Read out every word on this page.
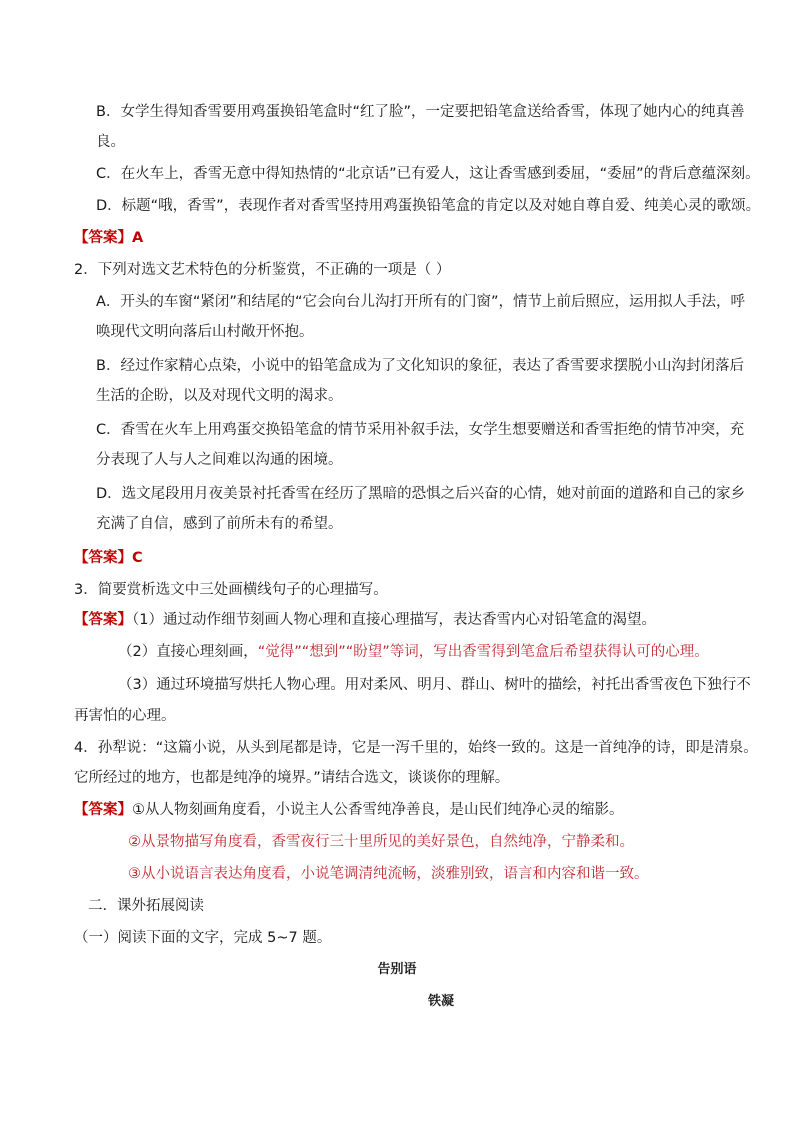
B．女学生得知香雪要用鸡蛋换铅笔盒时“红了脸”，一定要把铅笔盒送给香雪，体现了她内心的纯真善
良。
C．在火车上，香雪无意中得知热情的“北京话”已有爱人，这让香雪感到委屈，“委屈”的背后意蕴深刻。
D．标题“哦，香雪”，表现作者对香雪坚持用鸡蛋换铅笔盒的肯定以及对她自尊自爱、纯美心灵的歌颂。
【答案】A
2．下列对选文艺术特色的分析鉴赏，不正确的一项是（ ）
A．开头的车窗“紧闭”和结尾的“它会向台儿沟打开所有的门窗”，情节上前后照应，运用拟人手法，呼
唤现代文明向落后山村敞开怀抱。
B．经过作家精心点染，小说中的铅笔盒成为了文化知识的象征，表达了香雪要求摆脱小山沟封闭落后
生活的企盼，以及对现代文明的渴求。
C．香雪在火车上用鸡蛋交换铅笔盒的情节采用补叙手法，女学生想要赠送和香雪拒绝的情节冲突，充
分表现了人与人之间难以沟通的困境。
D．选文尾段用月夜美景衬托香雪在经历了黑暗的恐惧之后兴奋的心情，她对前面的道路和自己的家乡
充满了自信，感到了前所未有的希望。
【答案】C
3．简要赏析选文中三处画横线句子的心理描写。
【答案】（1）通过动作细节刻画人物心理和直接心理描写，表达香雪内心对铅笔盒的渴望。
（2）直接心理刻画，“觉得”“想到”“盼望”等词，写出香雪得到笔盒后希望获得认可的心理。
（3）通过环境描写烘托人物心理。用对柔风、明月、群山、树叶的描绘，衬托出香雪夜色下独行不
再害怕的心理。
4．孙犁说：“这篇小说，从头到尾都是诗，它是一泻千里的，始终一致的。这是一首纯净的诗，即是清泉。
它所经过的地方，也都是纯净的境界。”请结合选文，谈谈你的理解。
【答案】①从人物刻画角度看，小说主人公香雪纯净善良，是山民们纯净心灵的缩影。
②从景物描写角度看，香雪夜行三十里所见的美好景色，自然纯净，宁静柔和。
③从小说语言表达角度看，小说笔调清纯流畅，淡雅别致，语言和内容和谐一致。
二．课外拓展阅读
（一）阅读下面的文字，完成 5~7 题。
告别语
铁凝
